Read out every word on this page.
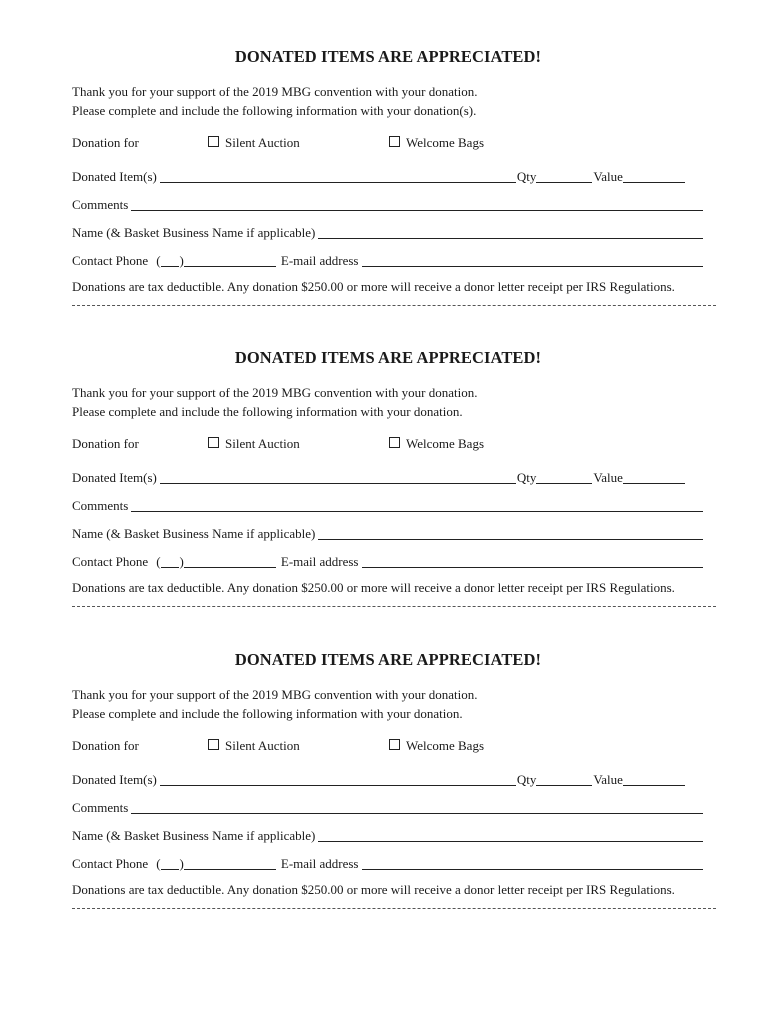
DONATED ITEMS ARE APPRECIATED!
Thank you for your support of the 2019 MBG convention with your donation.
Please complete and include the following information with your donation(s).
Donation for	Silent Auction	Welcome Bags
Donated Item(s)	Qty	Value
Comments
Name (& Basket Business Name if applicable)
Contact Phone ( )	E-mail address
Donations are tax deductible. Any donation $250.00 or more will receive a donor letter receipt per IRS Regulations.
DONATED ITEMS ARE APPRECIATED!
Thank you for your support of the 2019 MBG convention with your donation.
Please complete and include the following information with your donation.
Donation for	Silent Auction	Welcome Bags
Donated Item(s)	Qty	Value
Comments
Name (& Basket Business Name if applicable)
Contact Phone ( )	E-mail address
Donations are tax deductible. Any donation $250.00 or more will receive a donor letter receipt per IRS Regulations.
DONATED ITEMS ARE APPRECIATED!
Thank you for your support of the 2019 MBG convention with your donation.
Please complete and include the following information with your donation.
Donation for	Silent Auction	Welcome Bags
Donated Item(s)	Qty	Value
Comments
Name (& Basket Business Name if applicable)
Contact Phone ( )	E-mail address
Donations are tax deductible. Any donation $250.00 or more will receive a donor letter receipt per IRS Regulations.
